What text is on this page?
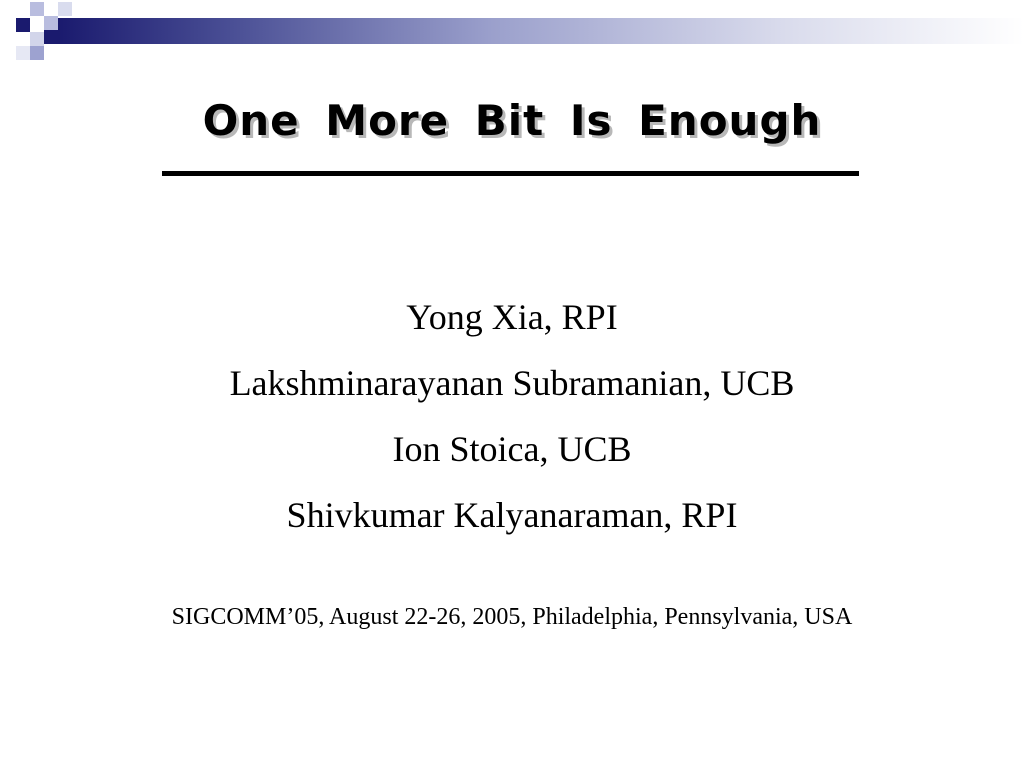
One More Bit Is Enough
Yong Xia, RPI
Lakshminarayanan Subramanian, UCB
Ion Stoica, UCB
Shivkumar Kalyanaraman, RPI
SIGCOMM’05, August 22-26, 2005, Philadelphia, Pennsylvania, USA
